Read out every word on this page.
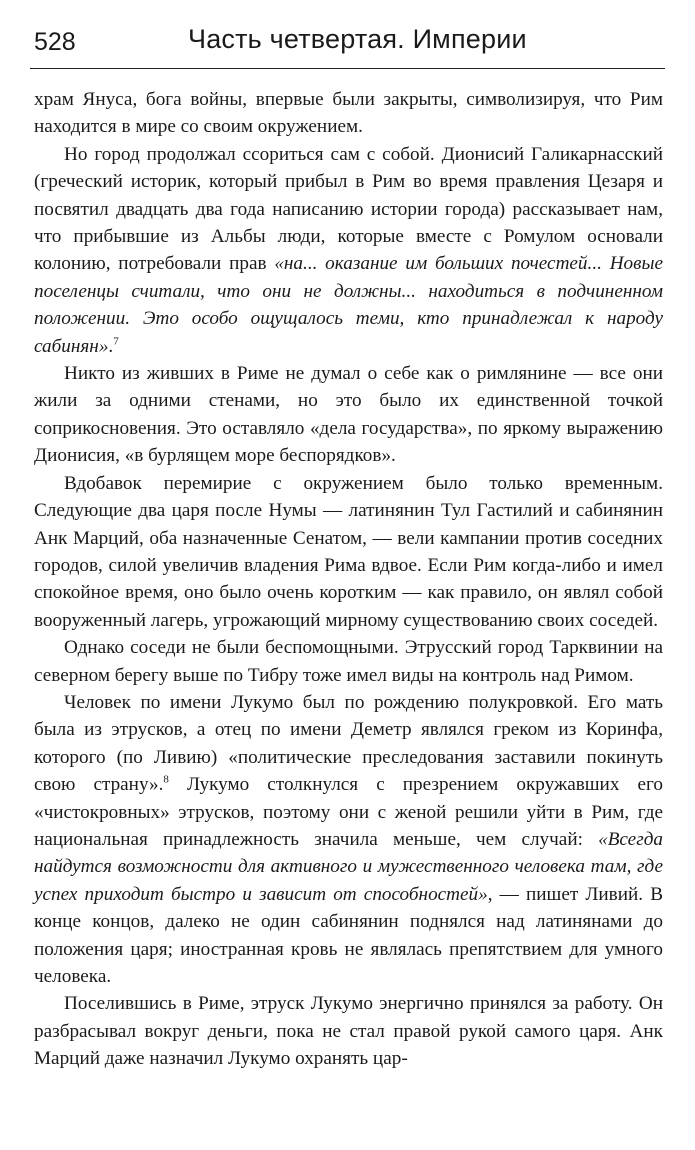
528	Часть четвертая. Империи

храм Януса, бога войны, впервые были закрыты, символизируя, что Рим находится в мире со своим окружением.

Но город продолжал ссориться сам с собой. Дионисий Галикарнасский (греческий историк, который прибыл в Рим во время правления Цезаря и посвятил двадцать два года написанию истории города) рассказывает нам, что прибывшие из Альбы люди, которые вместе с Ромулом основали колонию, потребовали прав «на... оказание им больших почестей... Новые поселенцы считали, что они не должны... находиться в подчиненном положении. Это особо ощущалось теми, кто принадлежал к народу сабинян».$^7$

Никто из живших в Риме не думал о себе как о римлянине — все они жили за одними стенами, но это было их единственной точкой соприкосновения. Это оставляло «дела государства», по яркому выражению Дионисия, «в бурлящем море беспорядков».

Вдобавок перемирие с окружением было только временным. Следующие два царя после Нумы — латинянин Тул Гастилий и сабинянин Анк Марций, оба назначенные Сенатом, — вели кампании против соседних городов, силой увеличив владения Рима вдвое. Если Рим когда-либо и имел спокойное время, оно было очень коротким — как правило, он являл собой вооруженный лагерь, угрожающий мирному существованию своих соседей.

Однако соседи не были беспомощными. Этрусский город Тарквинии на северном берегу выше по Тибру тоже имел виды на контроль над Римом.

Человек по имени Лукумо был по рождению полукровкой. Его мать была из этрусков, а отец по имени Деметр являлся греком из Коринфа, которого (по Ливию) «политические преследования заставили покинуть свою страну».$^8$ Лукумо столкнулся с презрением окружавших его «чистокровных» этрусков, поэтому они с женой решили уйти в Рим, где национальная принадлежность значила меньше, чем случай: «Всегда найдутся возможности для активного и мужественного человека там, где успех приходит быстро и зависит от способностей», — пишет Ливий. В конце концов, далеко не один сабинянин поднялся над латинянами до положения царя; иностранная кровь не являлась препятствием для умного человека.

Поселившись в Риме, этруск Лукумо энергично принялся за работу. Он разбрасывал вокруг деньги, пока не стал правой рукой самого царя. Анк Марций даже назначил Лукумо охранять цар-
